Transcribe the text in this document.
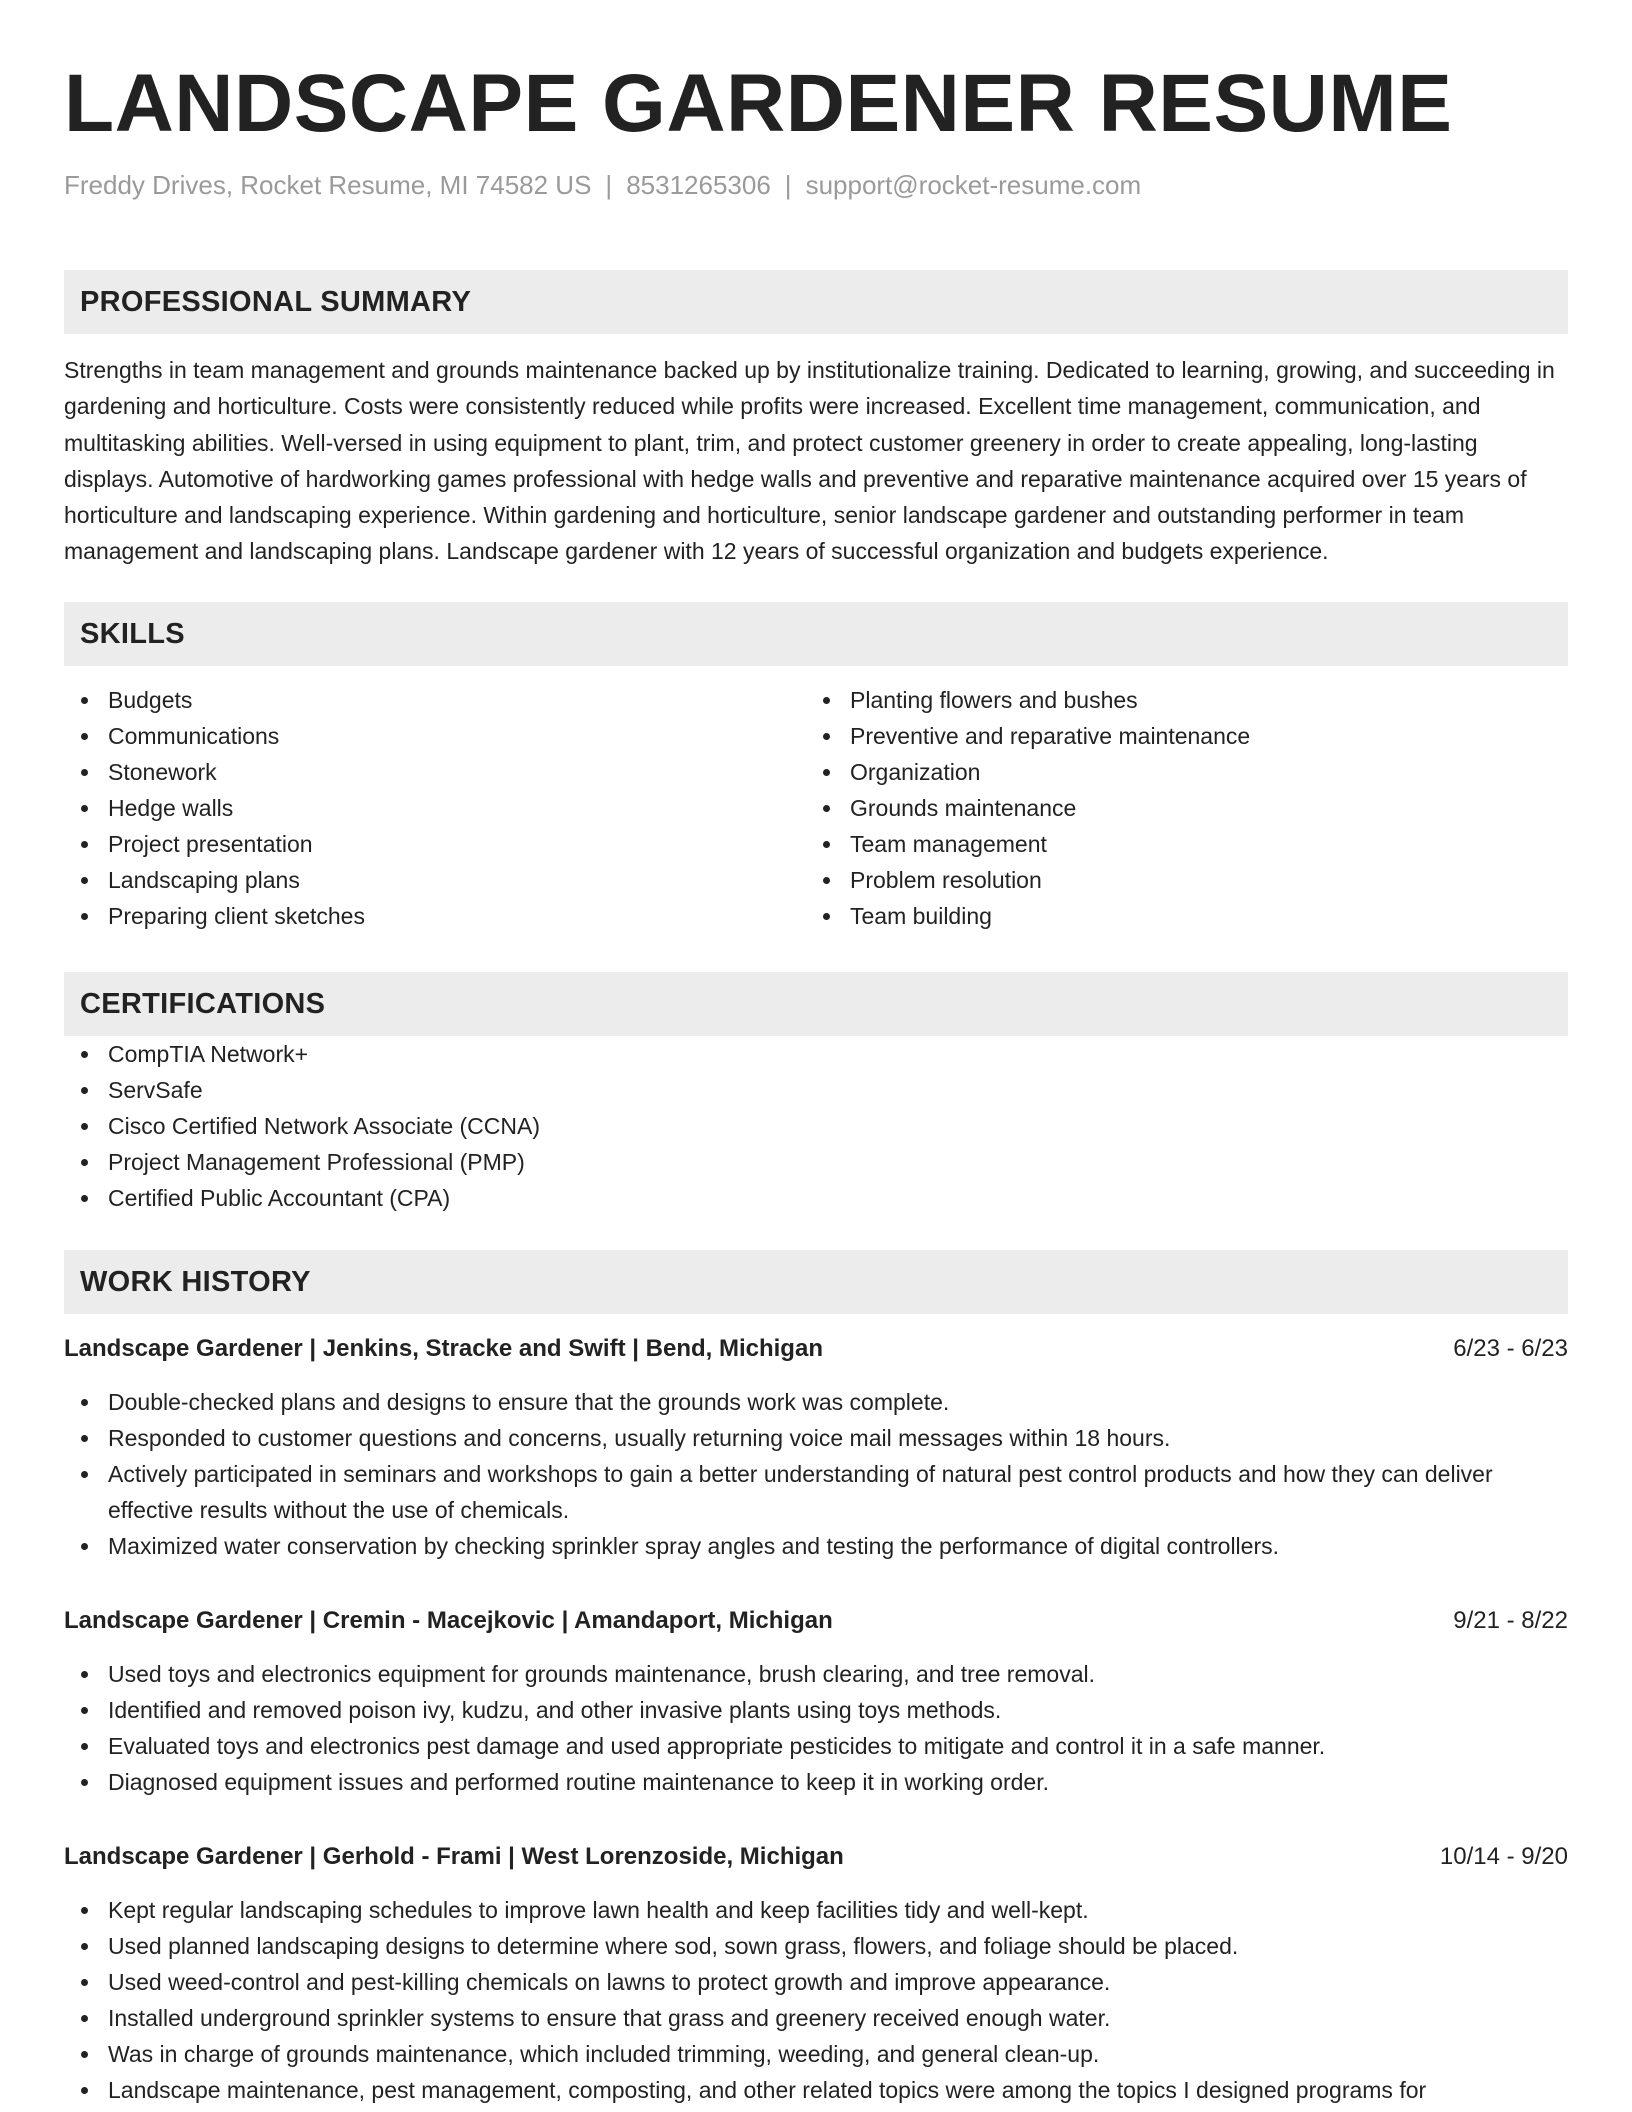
LANDSCAPE GARDENER RESUME
Freddy Drives, Rocket Resume, MI 74582 US | 8531265306 | support@rocket-resume.com
PROFESSIONAL SUMMARY

Strengths in team management and grounds maintenance backed up by institutionalize training. Dedicated to learning, growing, and succeeding in gardening and horticulture. Costs were consistently reduced while profits were increased. Excellent time management, communication, and multitasking abilities. Well-versed in using equipment to plant, trim, and protect customer greenery in order to create appealing, long-lasting displays. Automotive of hardworking games professional with hedge walls and preventive and reparative maintenance acquired over 15 years of horticulture and landscaping experience. Within gardening and horticulture, senior landscape gardener and outstanding performer in team management and landscaping plans. Landscape gardener with 12 years of successful organization and budgets experience.

SKILLS
Budgets
Communications
Stonework
Hedge walls
Project presentation
Landscaping plans
Preparing client sketches
Planting flowers and bushes
Preventive and reparative maintenance
Organization
Grounds maintenance
Team management
Problem resolution
Team building
CERTIFICATIONS
CompTIA Network+
ServSafe
Cisco Certified Network Associate (CCNA)
Project Management Professional (PMP)
Certified Public Accountant (CPA)
WORK HISTORY
Landscape Gardener | Jenkins, Stracke and Swift | Bend, Michigan	6/23 - 6/23
Double-checked plans and designs to ensure that the grounds work was complete.
Responded to customer questions and concerns, usually returning voice mail messages within 18 hours.
Actively participated in seminars and workshops to gain a better understanding of natural pest control products and how they can deliver effective results without the use of chemicals.
Maximized water conservation by checking sprinkler spray angles and testing the performance of digital controllers.
Landscape Gardener | Cremin - Macejkovic | Amandaport, Michigan	9/21 - 8/22
Used toys and electronics equipment for grounds maintenance, brush clearing, and tree removal.
Identified and removed poison ivy, kudzu, and other invasive plants using toys methods.
Evaluated toys and electronics pest damage and used appropriate pesticides to mitigate and control it in a safe manner.
Diagnosed equipment issues and performed routine maintenance to keep it in working order.
Landscape Gardener | Gerhold - Frami | West Lorenzoside, Michigan	10/14 - 9/20
Kept regular landscaping schedules to improve lawn health and keep facilities tidy and well-kept.
Used planned landscaping designs to determine where sod, sown grass, flowers, and foliage should be placed.
Used weed-control and pest-killing chemicals on lawns to protect growth and improve appearance.
Installed underground sprinkler systems to ensure that grass and greenery received enough water.
Was in charge of grounds maintenance, which included trimming, weeding, and general clean-up.
Landscape maintenance, pest management, composting, and other related topics were among the topics I designed programs for
